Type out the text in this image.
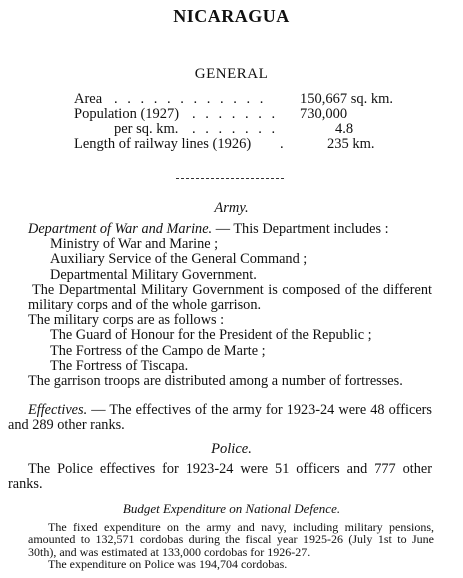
NICARAGUA
GENERAL
Area . . . . . . . . . . . . 150,667 sq. km.
Population (1927) . . . . . . . 730,000
per sq. km. . . . . . . .	4.8
Length of railway lines (1926) .	235 km.
Army.
Department of War and Marine. — This Department includes :
Ministry of War and Marine ;
Auxiliary Service of the General Command ;
Departmental Military Government.
The Departmental Military Government is composed of the different military corps and of the whole garrison.
The military corps are as follows :
The Guard of Honour for the President of the Republic ;
The Fortress of the Campo de Marte ;
The Fortress of Tiscapa.
The garrison troops are distributed among a number of fortresses.
Effectives. — The effectives of the army for 1923-24 were 48 officers and 289 other ranks.
Police.
The Police effectives for 1923-24 were 51 officers and 777 other ranks.
Budget Expenditure on National Defence.
The fixed expenditure on the army and navy, including military pensions, amounted to 132,571 cordobas during the fiscal year 1925-26 (July 1st to June 30th), and was estimated at 133,000 cordobas for 1926-27.
The expenditure on Police was 194,704 cordobas.
